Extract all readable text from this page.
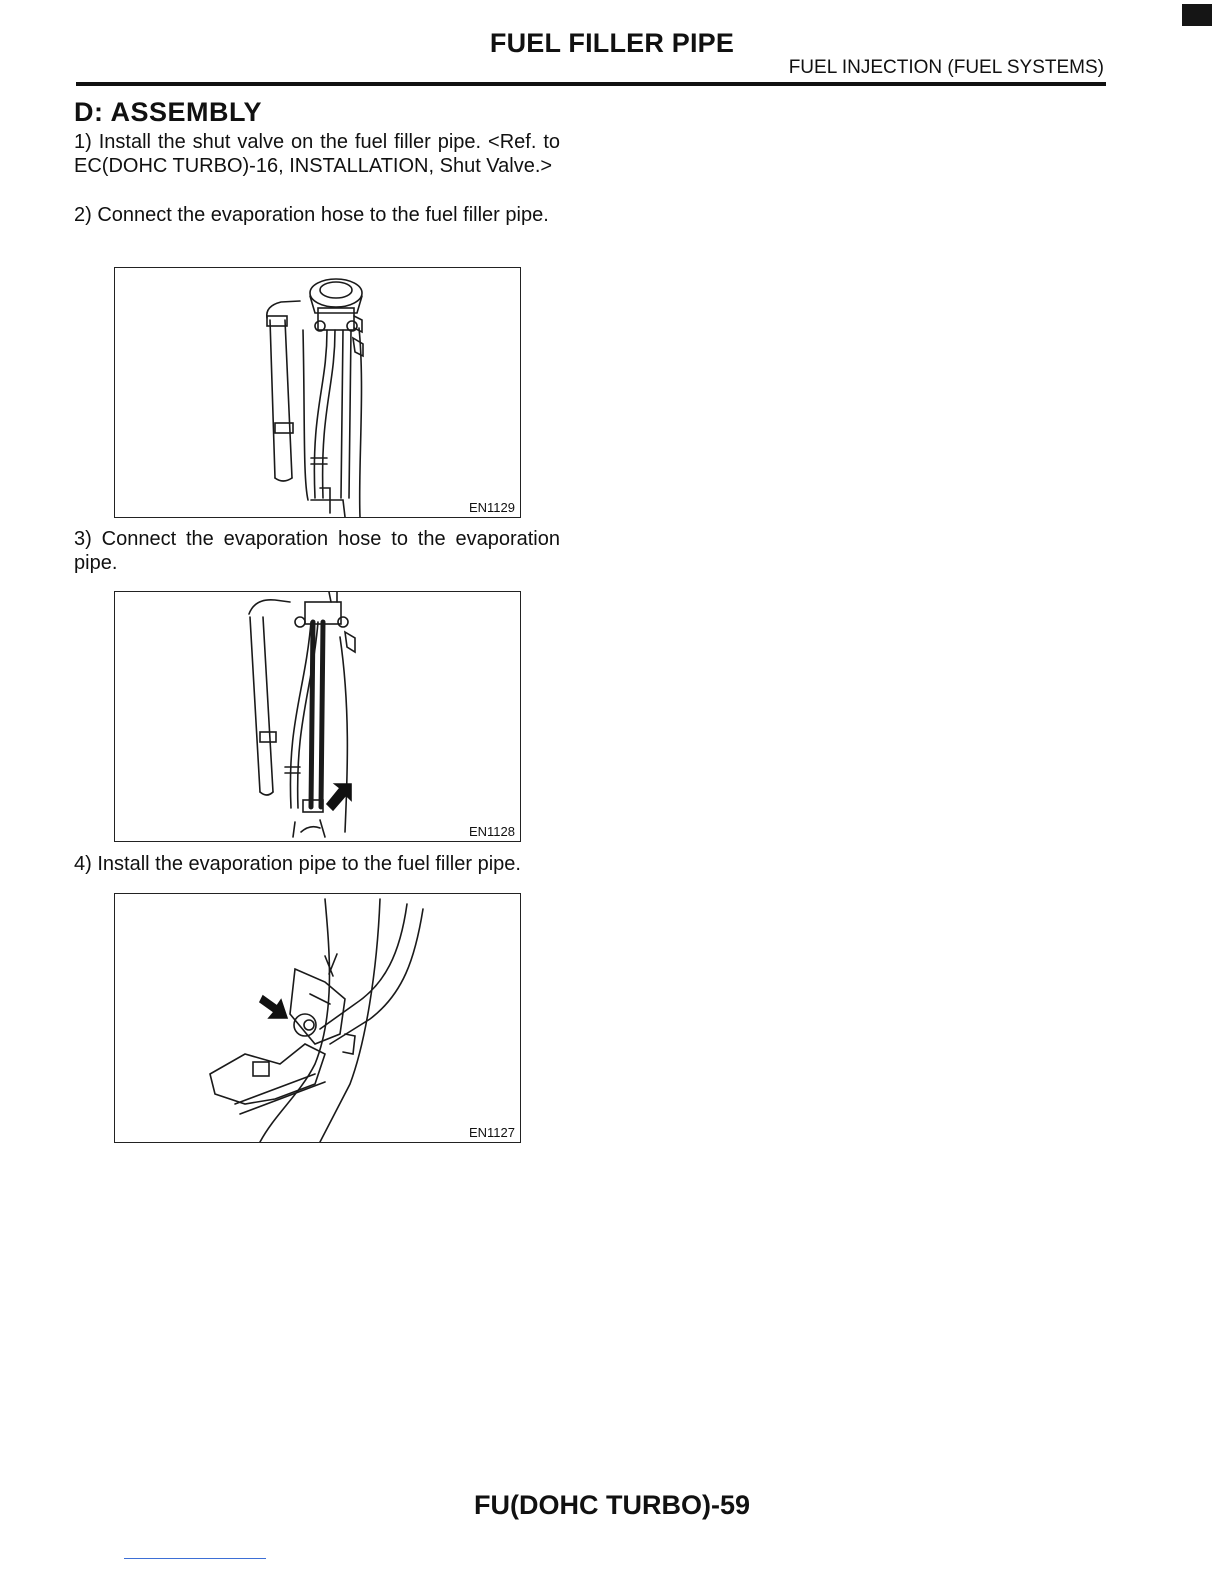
FUEL FILLER PIPE
FUEL INJECTION (FUEL SYSTEMS)
D: ASSEMBLY

1) Install the shut valve on the fuel filler pipe. <Ref. to EC(DOHC TURBO)-16, INSTALLATION, Shut Valve.>

2) Connect the evaporation hose to the fuel filler pipe.

EN1129

3) Connect the evaporation hose to the evaporation pipe.

EN1128

4) Install the evaporation pipe to the fuel filler pipe.

EN1127
FU(DOHC TURBO)-59
